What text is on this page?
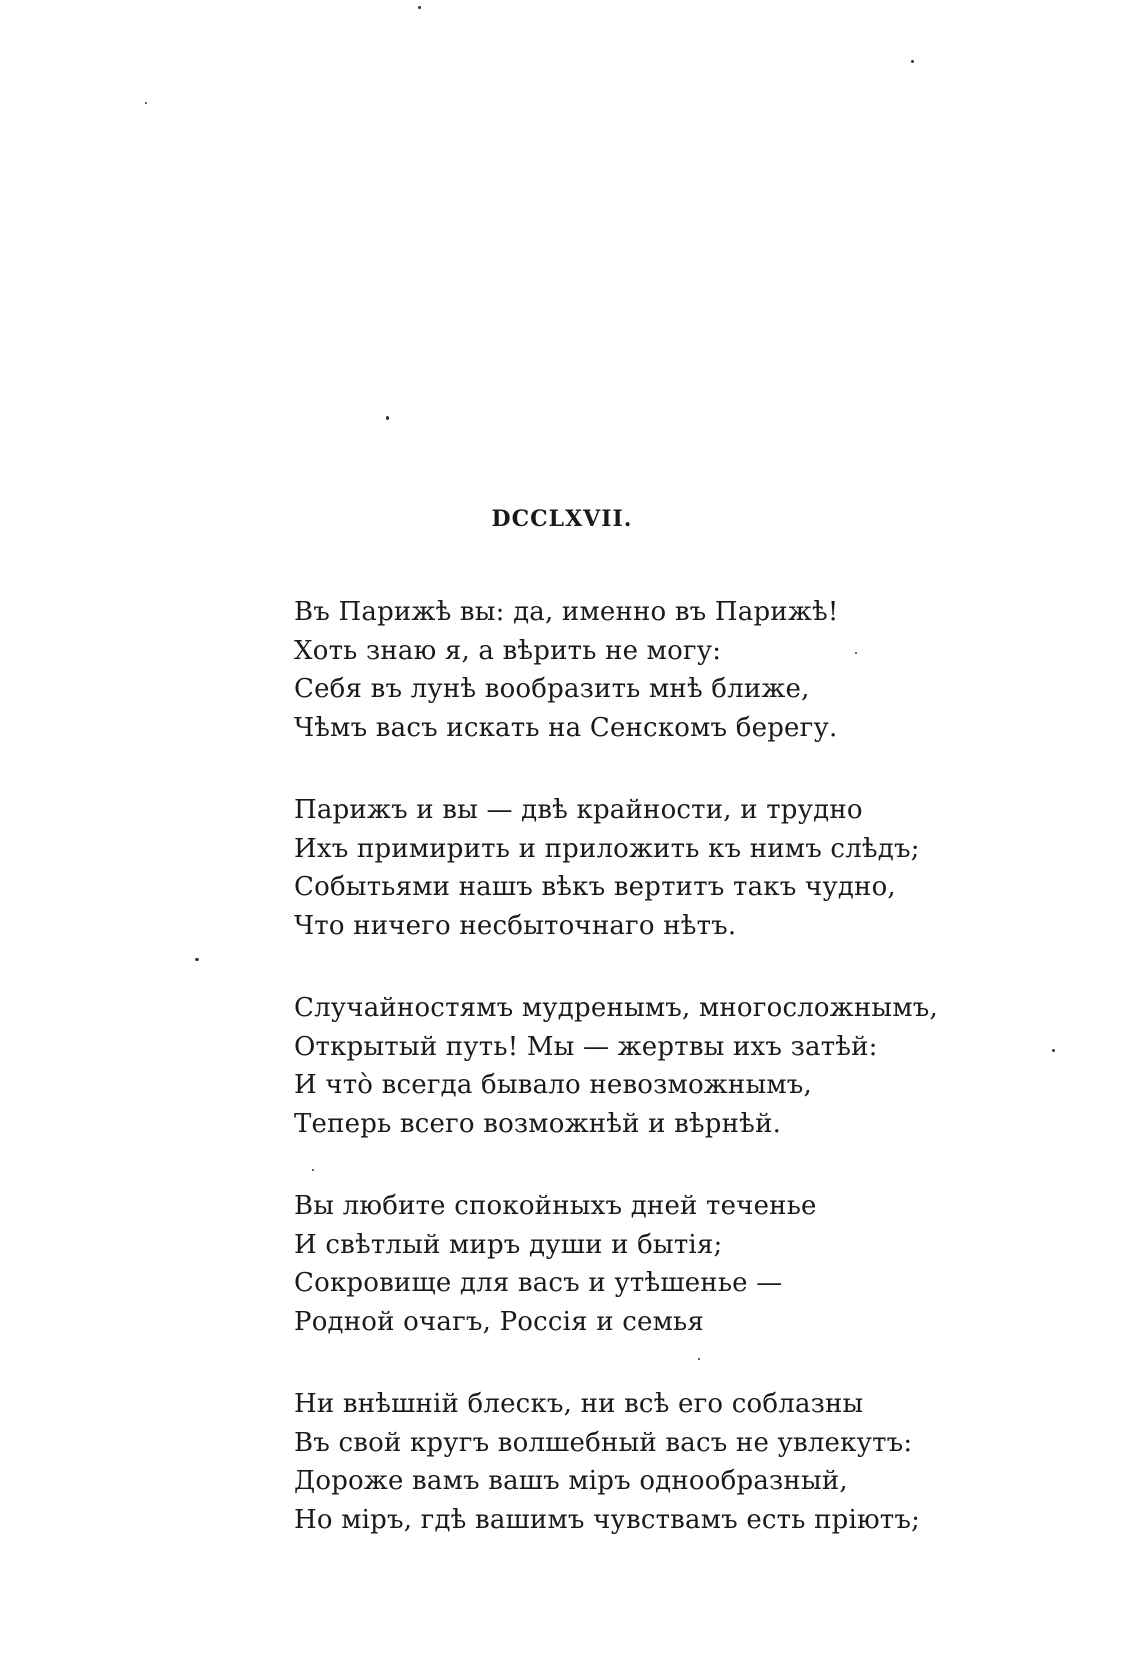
DCCLXVII.
Въ Парижѣ вы: да, именно въ Парижѣ!
Хоть знаю я, а вѣрить не могу:
Себя въ лунѣ вообразить мнѣ ближе,
Чѣмъ васъ искать на Сенскомъ берегу.
Парижъ и вы — двѣ крайности, и трудно
Ихъ примирить и приложить къ нимъ слѣдъ;
Событьями нашъ вѣкъ вертитъ такъ чудно,
Что ничего несбыточнаго нѣтъ.
Случайностямъ мудренымъ, многосложнымъ,
Открытый путь! Мы — жертвы ихъ затѣй:
И что̀ всегда бывало невозможнымъ,
Теперь всего возможнѣй и вѣрнѣй.
Вы любите спокойныхъ дней теченье
И свѣтлый миръ души и бытія;
Сокровище для васъ и утѣшенье —
Родной очагъ, Россія и семья
Ни внѣшній блескъ, ни всѣ его соблазны
Въ свой кругъ волшебный васъ не увлекутъ:
Дороже вамъ вашъ міръ однообразный,
Но міръ, гдѣ вашимъ чувствамъ есть пріютъ;
